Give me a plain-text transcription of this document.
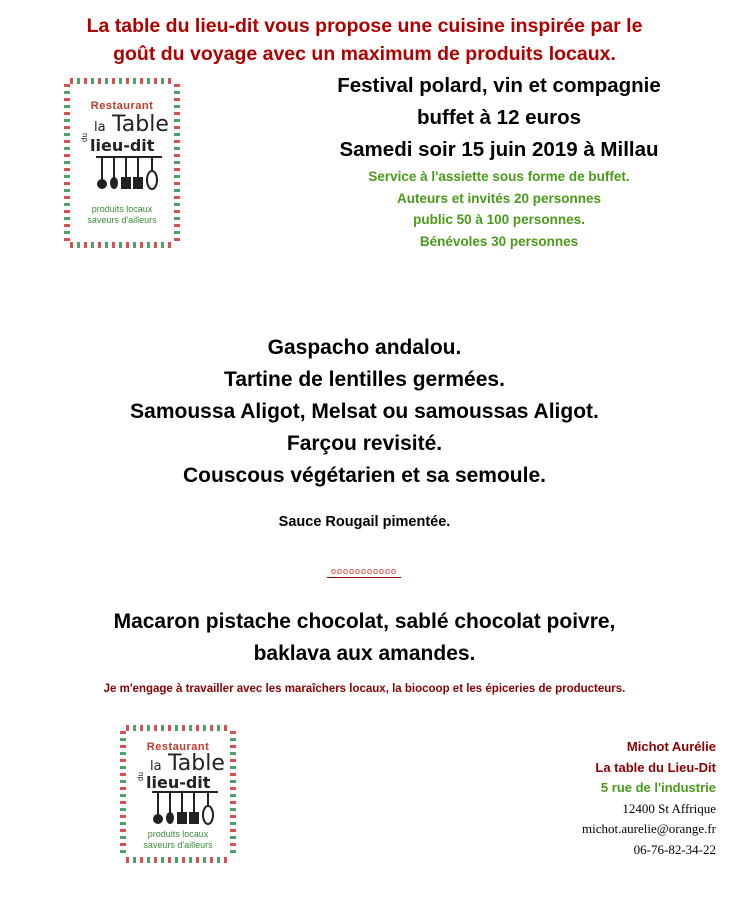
La table du lieu-dit vous propose une cuisine inspirée par le
goût du voyage avec un maximum de produits locaux.
Restaurant
la Table
du lieu-dit
produits locaux
saveurs d'ailleurs
Festival polard, vin et compagnie
buffet à 12 euros
Samedi soir 15 juin 2019 à Millau
Service à l'assiette sous forme de buffet.
Auteurs et invités 20 personnes
public 50 à 100 personnes.
Bénévoles 30 personnes
Gaspacho andalou.
Tartine de lentilles germées.
Samoussa Aligot, Melsat ou samoussas Aligot.
Farçou revisité.
Couscous végétarien et sa semoule.
Sauce Rougail pimentée.
ooooooooooo
Macaron pistache chocolat, sablé chocolat poivre,
baklava aux amandes.
Je m'engage à travailler avec les maraîchers locaux, la biocoop et les épiceries de producteurs.
Restaurant
la Table
du lieu-dit
produits locaux
saveurs d'ailleurs
Michot Aurélie
La table du Lieu-Dit
5 rue de l'industrie
12400 St Affrique
michot.aurelie@orange.fr
06-76-82-34-22
